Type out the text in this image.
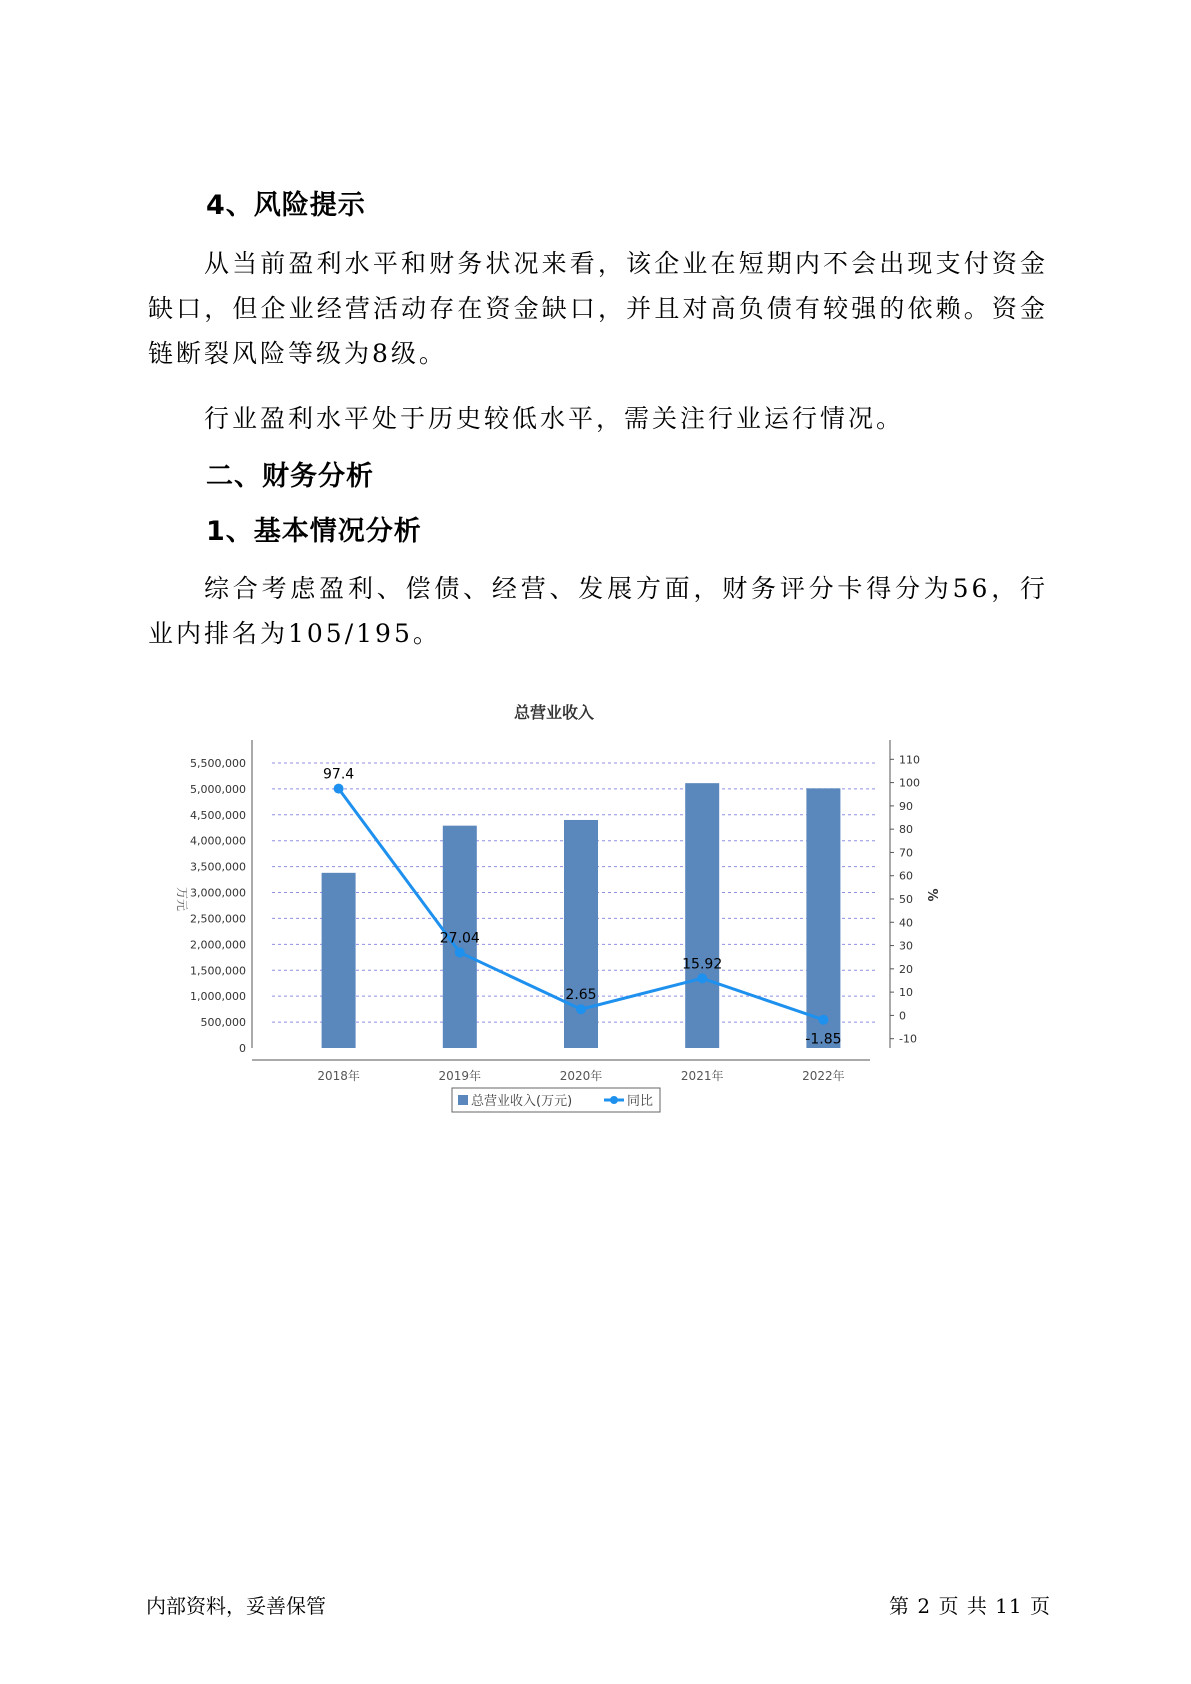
4、风险提示

从当前盈利水平和财务状况来看，该企业在短期内不会出现支付资金缺口，但企业经营活动存在资金缺口，并且对高负债有较强的依赖。资金链断裂风险等级为8级。

行业盈利水平处于历史较低水平，需关注行业运行情况。

二、财务分析
1、基本情况分析

综合考虑盈利、偿债、经营、发展方面，财务评分卡得分为56，行业内排名为105/195。

总营业收入
0
500,000
1,000,000
1,500,000
2,000,000
2,500,000
3,000,000
3,500,000
4,000,000
4,500,000
5,000,000
5,500,000
-10
0
10
20
30
40
50
60
70
80
90
100
110
万元	%
2018年	2019年	2020年	2021年	2022年
97.4
27.04
2.65
15.92
-1.85
总营业收入(万元)	同比
内部资料，妥善保管	第 2 页 共 11 页
